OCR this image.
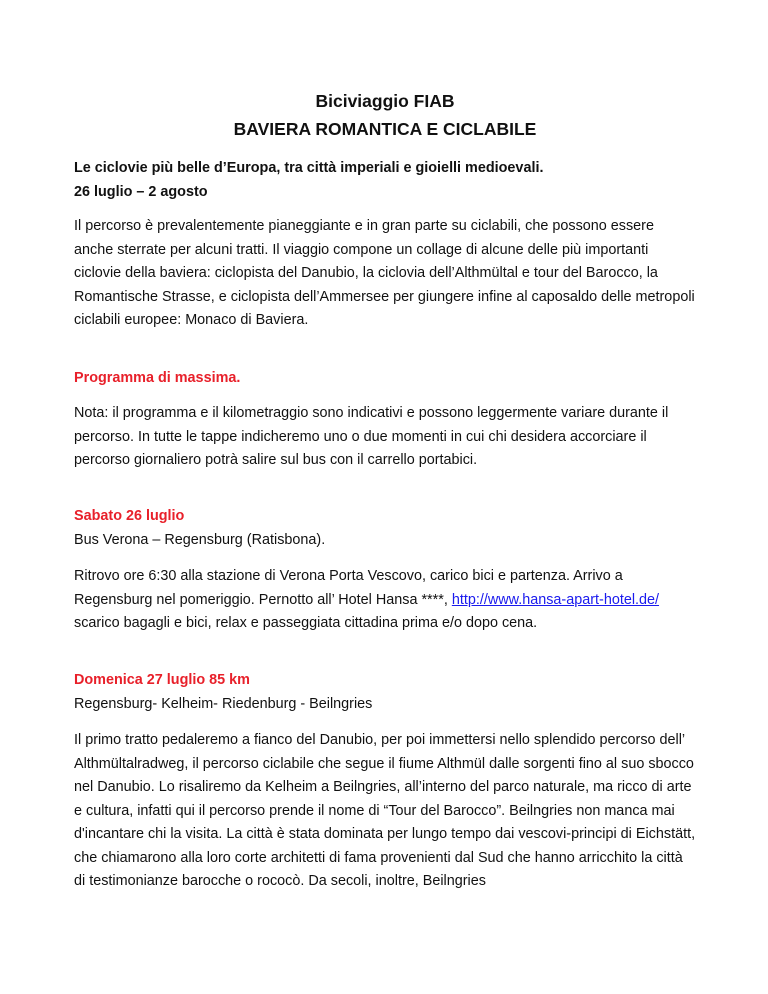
Biciviaggio FIAB
BAVIERA ROMANTICA E CICLABILE
Le ciclovie più belle d’Europa, tra città imperiali e gioielli medioevali.
26 luglio – 2 agosto
Il percorso è prevalentemente pianeggiante e in gran parte su ciclabili, che possono essere anche sterrate per alcuni tratti. Il viaggio compone un collage di alcune delle più importanti ciclovie della baviera: ciclopista del Danubio, la ciclovia dell’Althmültal e tour del Barocco, la Romantische Strasse, e ciclopista dell’Ammersee per giungere infine al caposaldo delle metropoli ciclabili europee: Monaco di Baviera.
Programma di massima.
Nota: il programma e il kilometraggio sono indicativi e possono leggermente variare durante il percorso. In tutte le tappe indicheremo uno o due momenti in cui chi desidera accorciare il percorso giornaliero potrà salire sul bus con il carrello portabici.
Sabato 26 luglio
Bus Verona – Regensburg (Ratisbona).
Ritrovo ore 6:30 alla stazione di Verona Porta Vescovo, carico bici e partenza. Arrivo a Regensburg nel pomeriggio. Pernotto all’ Hotel Hansa ****, http://www.hansa-apart-hotel.de/ scarico bagagli e bici, relax e passeggiata cittadina prima e/o dopo cena.
Domenica 27 luglio 85 km
Regensburg- Kelheim- Riedenburg - Beilngries
Il primo tratto pedaleremo a fianco del Danubio, per poi immettersi nello splendido percorso dell’ Althmültalradweg, il percorso ciclabile che segue il fiume Althmül dalle sorgenti fino al suo sbocco nel Danubio. Lo risaliremo da Kelheim a Beilngries, all’interno del parco naturale, ma ricco di arte e cultura, infatti qui il percorso prende il nome di “Tour del Barocco”. Beilngries non manca mai d'incantare chi la visita. La città è stata dominata per lungo tempo dai vescovi-principi di Eichstätt, che chiamarono alla loro corte architetti di fama provenienti dal Sud che hanno arricchito la città di testimonianze barocche o rococò. Da secoli, inoltre, Beilngries
